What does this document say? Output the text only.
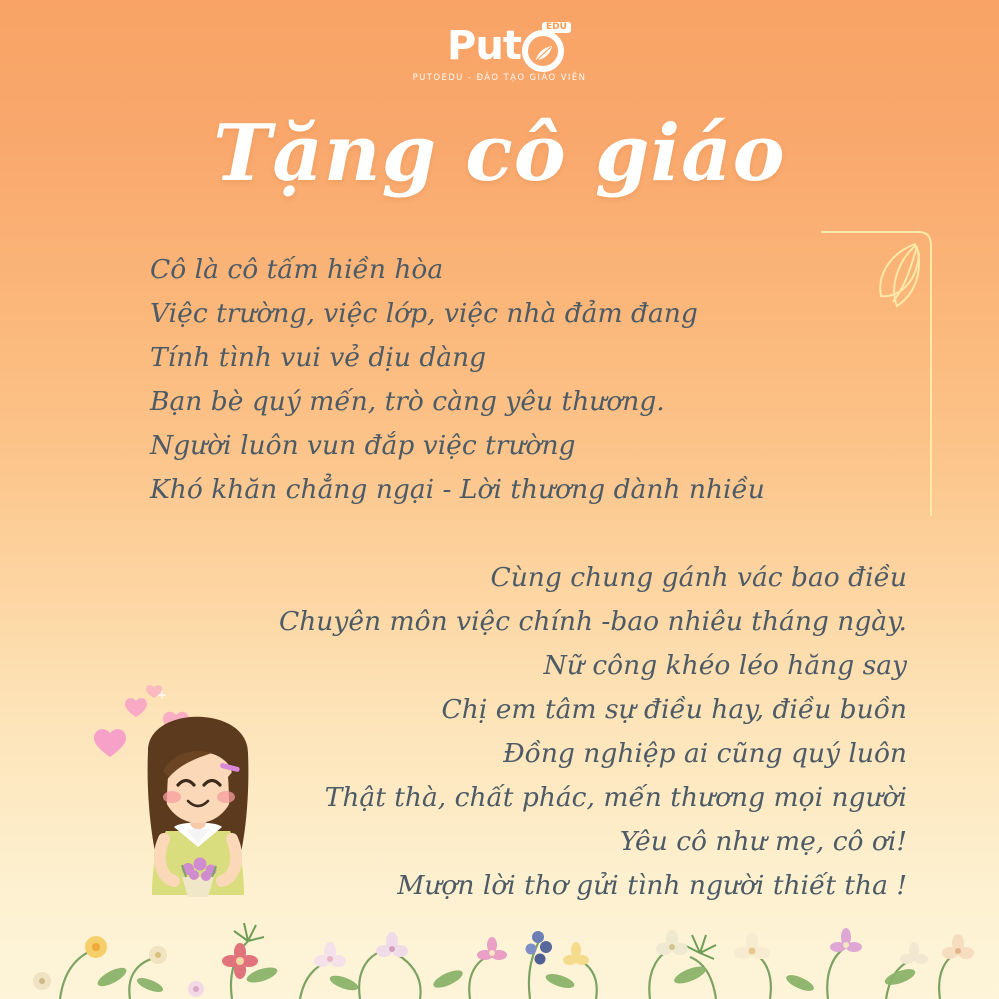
Put	EDU
PUTOEDU - ĐÀO TẠO GIÁO VIÊN
Tặng cô giáo
Cô là cô tấm hiền hòa
Việc trường, việc lớp, việc nhà đảm đang
Tính tình vui vẻ dịu dàng
Bạn bè quý mến, trò càng yêu thương.
Người luôn vun đắp việc trường
Khó khăn chẳng ngại - Lời thương dành nhiều
Cùng chung gánh vác bao điều
Chuyên môn việc chính -bao nhiêu tháng ngày.
Nữ công khéo léo hăng say
Chị em tâm sự điều hay, điều buồn
Đồng nghiệp ai cũng quý luôn
Thật thà, chất phác, mến thương mọi người
Yêu cô như mẹ, cô ơi!
Mượn lời thơ gửi tình người thiết tha !
